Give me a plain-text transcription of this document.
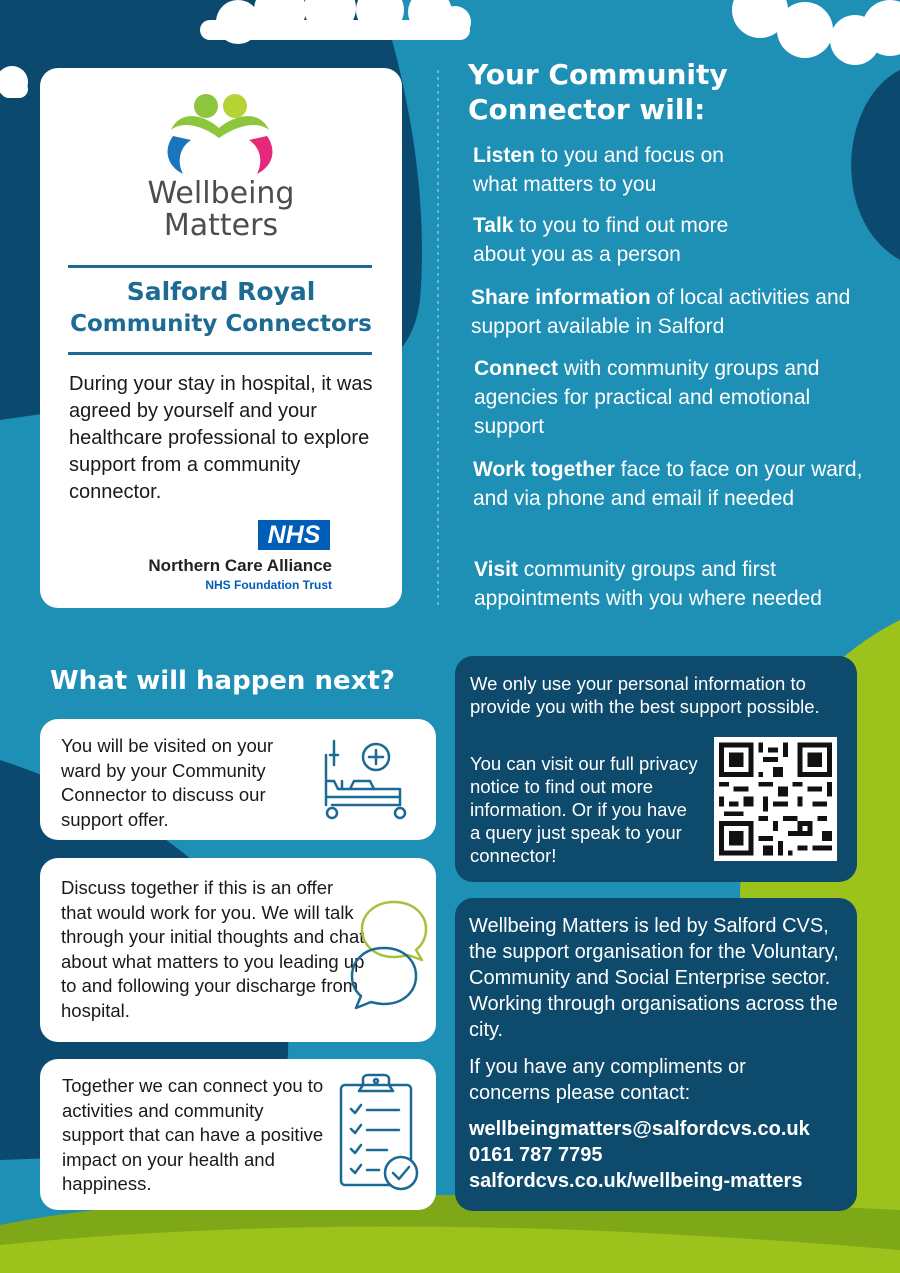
Wellbeing
Matters
Salford Royal
Community Connectors
During your stay in hospital, it was agreed by yourself and your healthcare professional to explore support from a community connector.
NHS
Northern Care Alliance
NHS Foundation Trust
Your Community
Connector will:
Listen to you and focus on what matters to you
Talk to you to find out more about you as a person
Share information of local activities and support available in Salford
Connect with community groups and agencies for practical and emotional support
Work together face to face on your ward, and via phone and email if needed
Visit community groups and first appointments with you where needed
What will happen next?
You will be visited on your ward by your Community Connector to discuss our support offer.
Discuss together if this is an offer that would work for you. We will talk through your initial thoughts and chat about what matters to you leading up to and following your discharge from hospital.
Together we can connect you to activities and community support that can have a positive impact on your health and happiness.
We only use your personal information to provide you with the best support possible.
You can visit our full privacy notice to find out more information. Or if you have a query just speak to your connector!
Wellbeing Matters is led by Salford CVS, the support organisation for the Voluntary, Community and Social Enterprise sector. Working through organisations across the city.
If you have any compliments or concerns please contact:
wellbeingmatters@salfordcvs.co.uk
0161 787 7795
salfordcvs.co.uk/wellbeing-matters
